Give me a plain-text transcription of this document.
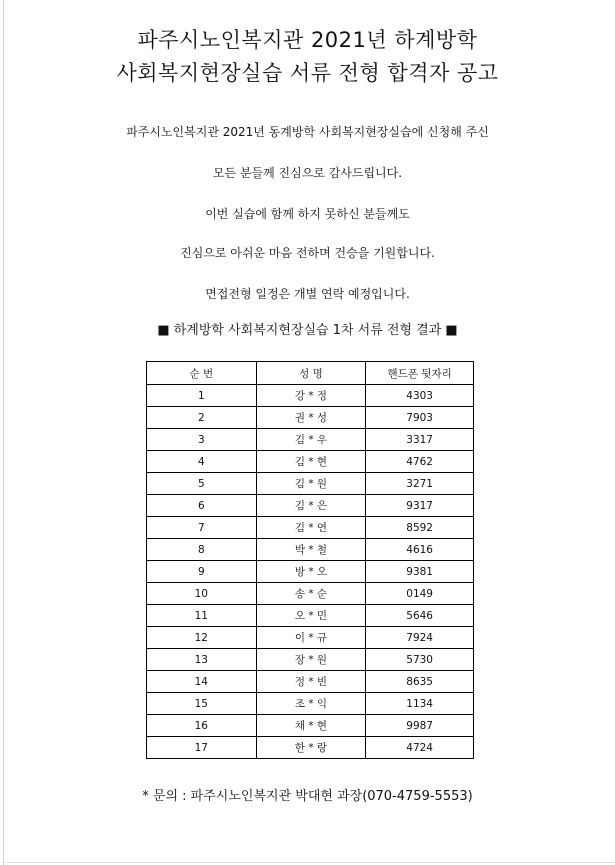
파주시노인복지관 2021년 하계방학
사회복지현장실습 서류 전형 합격자 공고
파주시노인복지관 2021년 동계방학 사회복지현장실습에 신청해 주신
모든 분들께 진심으로 감사드립니다.
이번 실습에 함께 하지 못하신 분들께도
진심으로 아쉬운 마음 전하며 건승을 기원합니다.
면접전형 일정은 개별 연락 예정입니다.
■ 하계방학 사회복지현장실습 1차 서류 전형 결과 ■
순 번	성 명	핸드폰 뒷자리
1	강 * 정	4303
2	권 * 성	7903
3	김 * 우	3317
4	김 * 현	4762
5	김 * 원	3271
6	김 * 은	9317
7	김 * 연	8592
8	박 * 철	4616
9	방 * 오	9381
10	송 * 순	0149
11	오 * 민	5646
12	이 * 규	7924
13	장 * 원	5730
14	정 * 빈	8635
15	조 * 익	1134
16	채 * 현	9987
17	한 * 랑	4724
* 문의 : 파주시노인복지관 박대현 과장(070-4759-5553)
